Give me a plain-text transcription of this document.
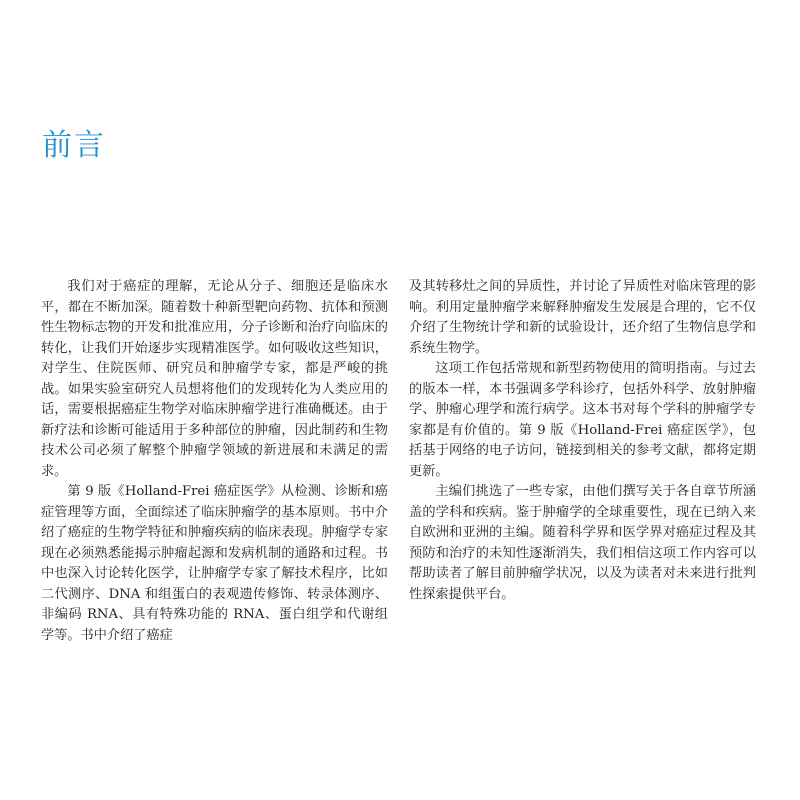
前言

我们对于癌症的理解，无论从分子、细胞还是临床水平，都在不断加深。随着数十种新型靶向药物、抗体和预测性生物标志物的开发和批准应用，分子诊断和治疗向临床的转化，让我们开始逐步实现精准医学。如何吸收这些知识，对学生、住院医师、研究员和肿瘤学专家，都是严峻的挑战。如果实验室研究人员想将他们的发现转化为人类应用的话，需要根据癌症生物学对临床肿瘤学进行准确概述。由于新疗法和诊断可能适用于多种部位的肿瘤，因此制药和生物技术公司必须了解整个肿瘤学领域的新进展和未满足的需求。

第 9 版《Holland-Frei 癌症医学》从检测、诊断和癌症管理等方面，全面综述了临床肿瘤学的基本原则。书中介绍了癌症的生物学特征和肿瘤疾病的临床表现。肿瘤学专家现在必须熟悉能揭示肿瘤起源和发病机制的通路和过程。书中也深入讨论转化医学，让肿瘤学专家了解技术程序，比如二代测序、DNA 和组蛋白的表观遗传修饰、转录体测序、非编码 RNA、具有特殊功能的 RNA、蛋白组学和代谢组学等。书中介绍了癌症

及其转移灶之间的异质性，并讨论了异质性对临床管理的影响。利用定量肿瘤学来解释肿瘤发生发展是合理的，它不仅介绍了生物统计学和新的试验设计，还介绍了生物信息学和系统生物学。

这项工作包括常规和新型药物使用的简明指南。与过去的版本一样，本书强调多学科诊疗，包括外科学、放射肿瘤学、肿瘤心理学和流行病学。这本书对每个学科的肿瘤学专家都是有价值的。第 9 版《Holland-Frei 癌症医学》，包括基于网络的电子访问，链接到相关的参考文献，都将定期更新。

主编们挑选了一些专家，由他们撰写关于各自章节所涵盖的学科和疾病。鉴于肿瘤学的全球重要性，现在已纳入来自欧洲和亚洲的主编。随着科学界和医学界对癌症过程及其预防和治疗的未知性逐渐消失，我们相信这项工作内容可以帮助读者了解目前肿瘤学状况，以及为读者对未来进行批判性探索提供平台。
